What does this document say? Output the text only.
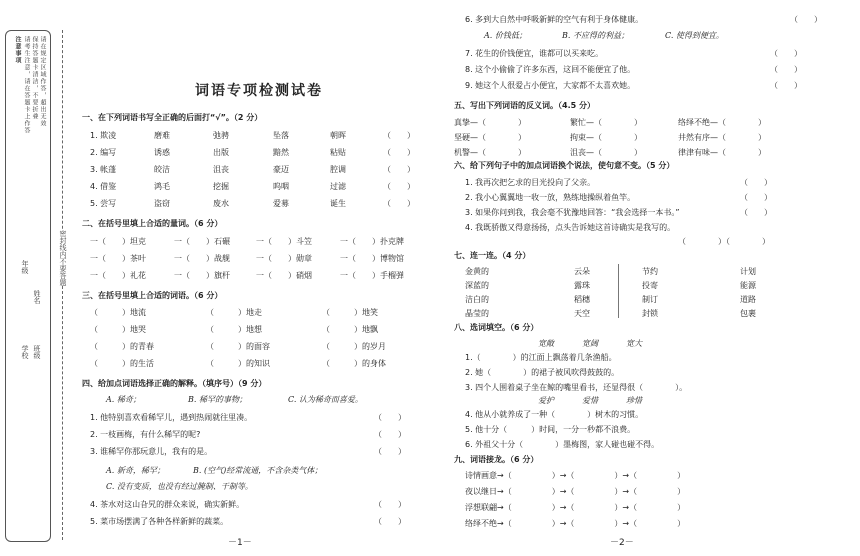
注意事项 请考生注意，请在答题卡上作答 保持答题卡清洁，不要折叠 请在规定区域作答，超出无效
年级
姓名
学校 班级
密封线内不要答题
词语专项检测试卷
一、在下列词语书写全正确的后面打“√”。（2 分）
1. 欺凌	磨难	弛骋	坠落	朝晖	（　　）
2. 编写	诱惑	出版	黯然	粘贴	（　　）
3. 帐蓬	皎洁	沮丧	豪迈	腔调	（　　）
4. 借鉴	鸿毛	挖掘	呜咽	过滤	（　　）
5. 尝写	盗窃	废水	爱募	诞生	（　　）
二、在括号里填上合适的量词。（6 分）
一（　　）坦克	一（　　）石碾	一（　　）斗笠	一（　　）扑克牌
一（　　）茶叶	一（　　）战舰	一（　　）勋章	一（　　）博物馆
一（　　）礼花	一（　　）旗杆	一（　　）硝烟	一（　　）手榴弹
三、在括号里填上合适的词语。（6 分）
（　　　）地流	（　　　）地走	（　　　）地笑
（　　　）地哭	（　　　）地想	（　　　）地飘
（　　　）的青春	（　　　）的面容	（　　　）的岁月
（　　　）的生活	（　　　）的知识	（　　　）的身体
四、给加点词语选择正确的解释。（填序号）（9 分）
A. 稀奇；	B. 稀罕的事物；	C. 认为稀奇而喜爱。
1. 他特别喜欢看稀罕儿，遇到热闹就往里凑。	（　　）
2. 一枝画梅，有什么稀罕的呢?	（　　）
3. 谁稀罕你那玩意儿，我有的是。	（　　）
A. 新奇，稀罕；	B. (空气)经常流通，不含杂类气体；
C. 没有变质，也没有经过腌制、干制等。
4. 茶水对这山旮旯的群众来说，确实新鲜。	（　　）
5. 菜市场摆满了各种各样新鲜的蔬菜。	（　　）
－1－
6. 多到大自然中呼吸新鲜的空气有利于身体健康。	（　　）
A. 价钱低；	B. 不应得的利益；	C. 使得到便宜。
7. 花生的价钱便宜，谁都可以买来吃。	（　　）
8. 这个小偷偷了许多东西，这回不能便宜了他。	（　　）
9. 她这个人很爱占小便宜，大家都不太喜欢她。	（　　）
五、写出下列词语的反义词。（4.5 分）
真挚—（　　　　）	繁忙—（　　　　）	络绎不绝—（　　　　）
坚硬—（　　　　）	拘束—（　　　　）	井然有序—（　　　　）
机警—（　　　　）	沮丧—（　　　　）	律津有味—（　　　　）
六、给下列句子中的加点词语换个说法，使句意不变。（5 分）
1. 我再次把乞求的目光投向了父亲。	（　　）
2. 我小心翼翼地一收一放，熟练地操纵着鱼竿。	（　　）
3. 如果你问到我，我会毫不犹豫地回答：“我会选择一本书。”	（　　）
4. 我既骄傲又得意扬扬，点头告诉她这首诗确实是我写的。
（　　　　）（　　　　）
七、连一连。（4 分）
金黄的	云朵
深蓝的	露珠
洁白的	稻穗
晶莹的	天空
节约	计划
投寄	能源
制订	道路
封锁	包裹
八、选词填空。（6 分）
宽敞	宽阔	宽大
1.（　　　　）的江面上飘荡着几条渔船。
2. 她（　　　　）的裙子被风吹得鼓鼓的。
3. 四个人围着桌子坐在鲸的嘴里看书，还显得很（　　　　）。
爱护	爱惜	珍惜
4. 他从小就养成了一种（　　　　）树木的习惯。
5. 他十分（　　　）时间，一分一秒都不浪费。
6. 外祖父十分（　　　　）墨梅图，家人碰也碰不得。
九、词语接龙。（6 分）
诗情画意→（　　　　　）→（　　　　　）→（　　　　　）
夜以继日→（　　　　　）→（　　　　　）→（　　　　　）
浮想联翩→（　　　　　）→（　　　　　）→（　　　　　）
络绎不绝→（　　　　　）→（　　　　　）→（　　　　　）
－2－
